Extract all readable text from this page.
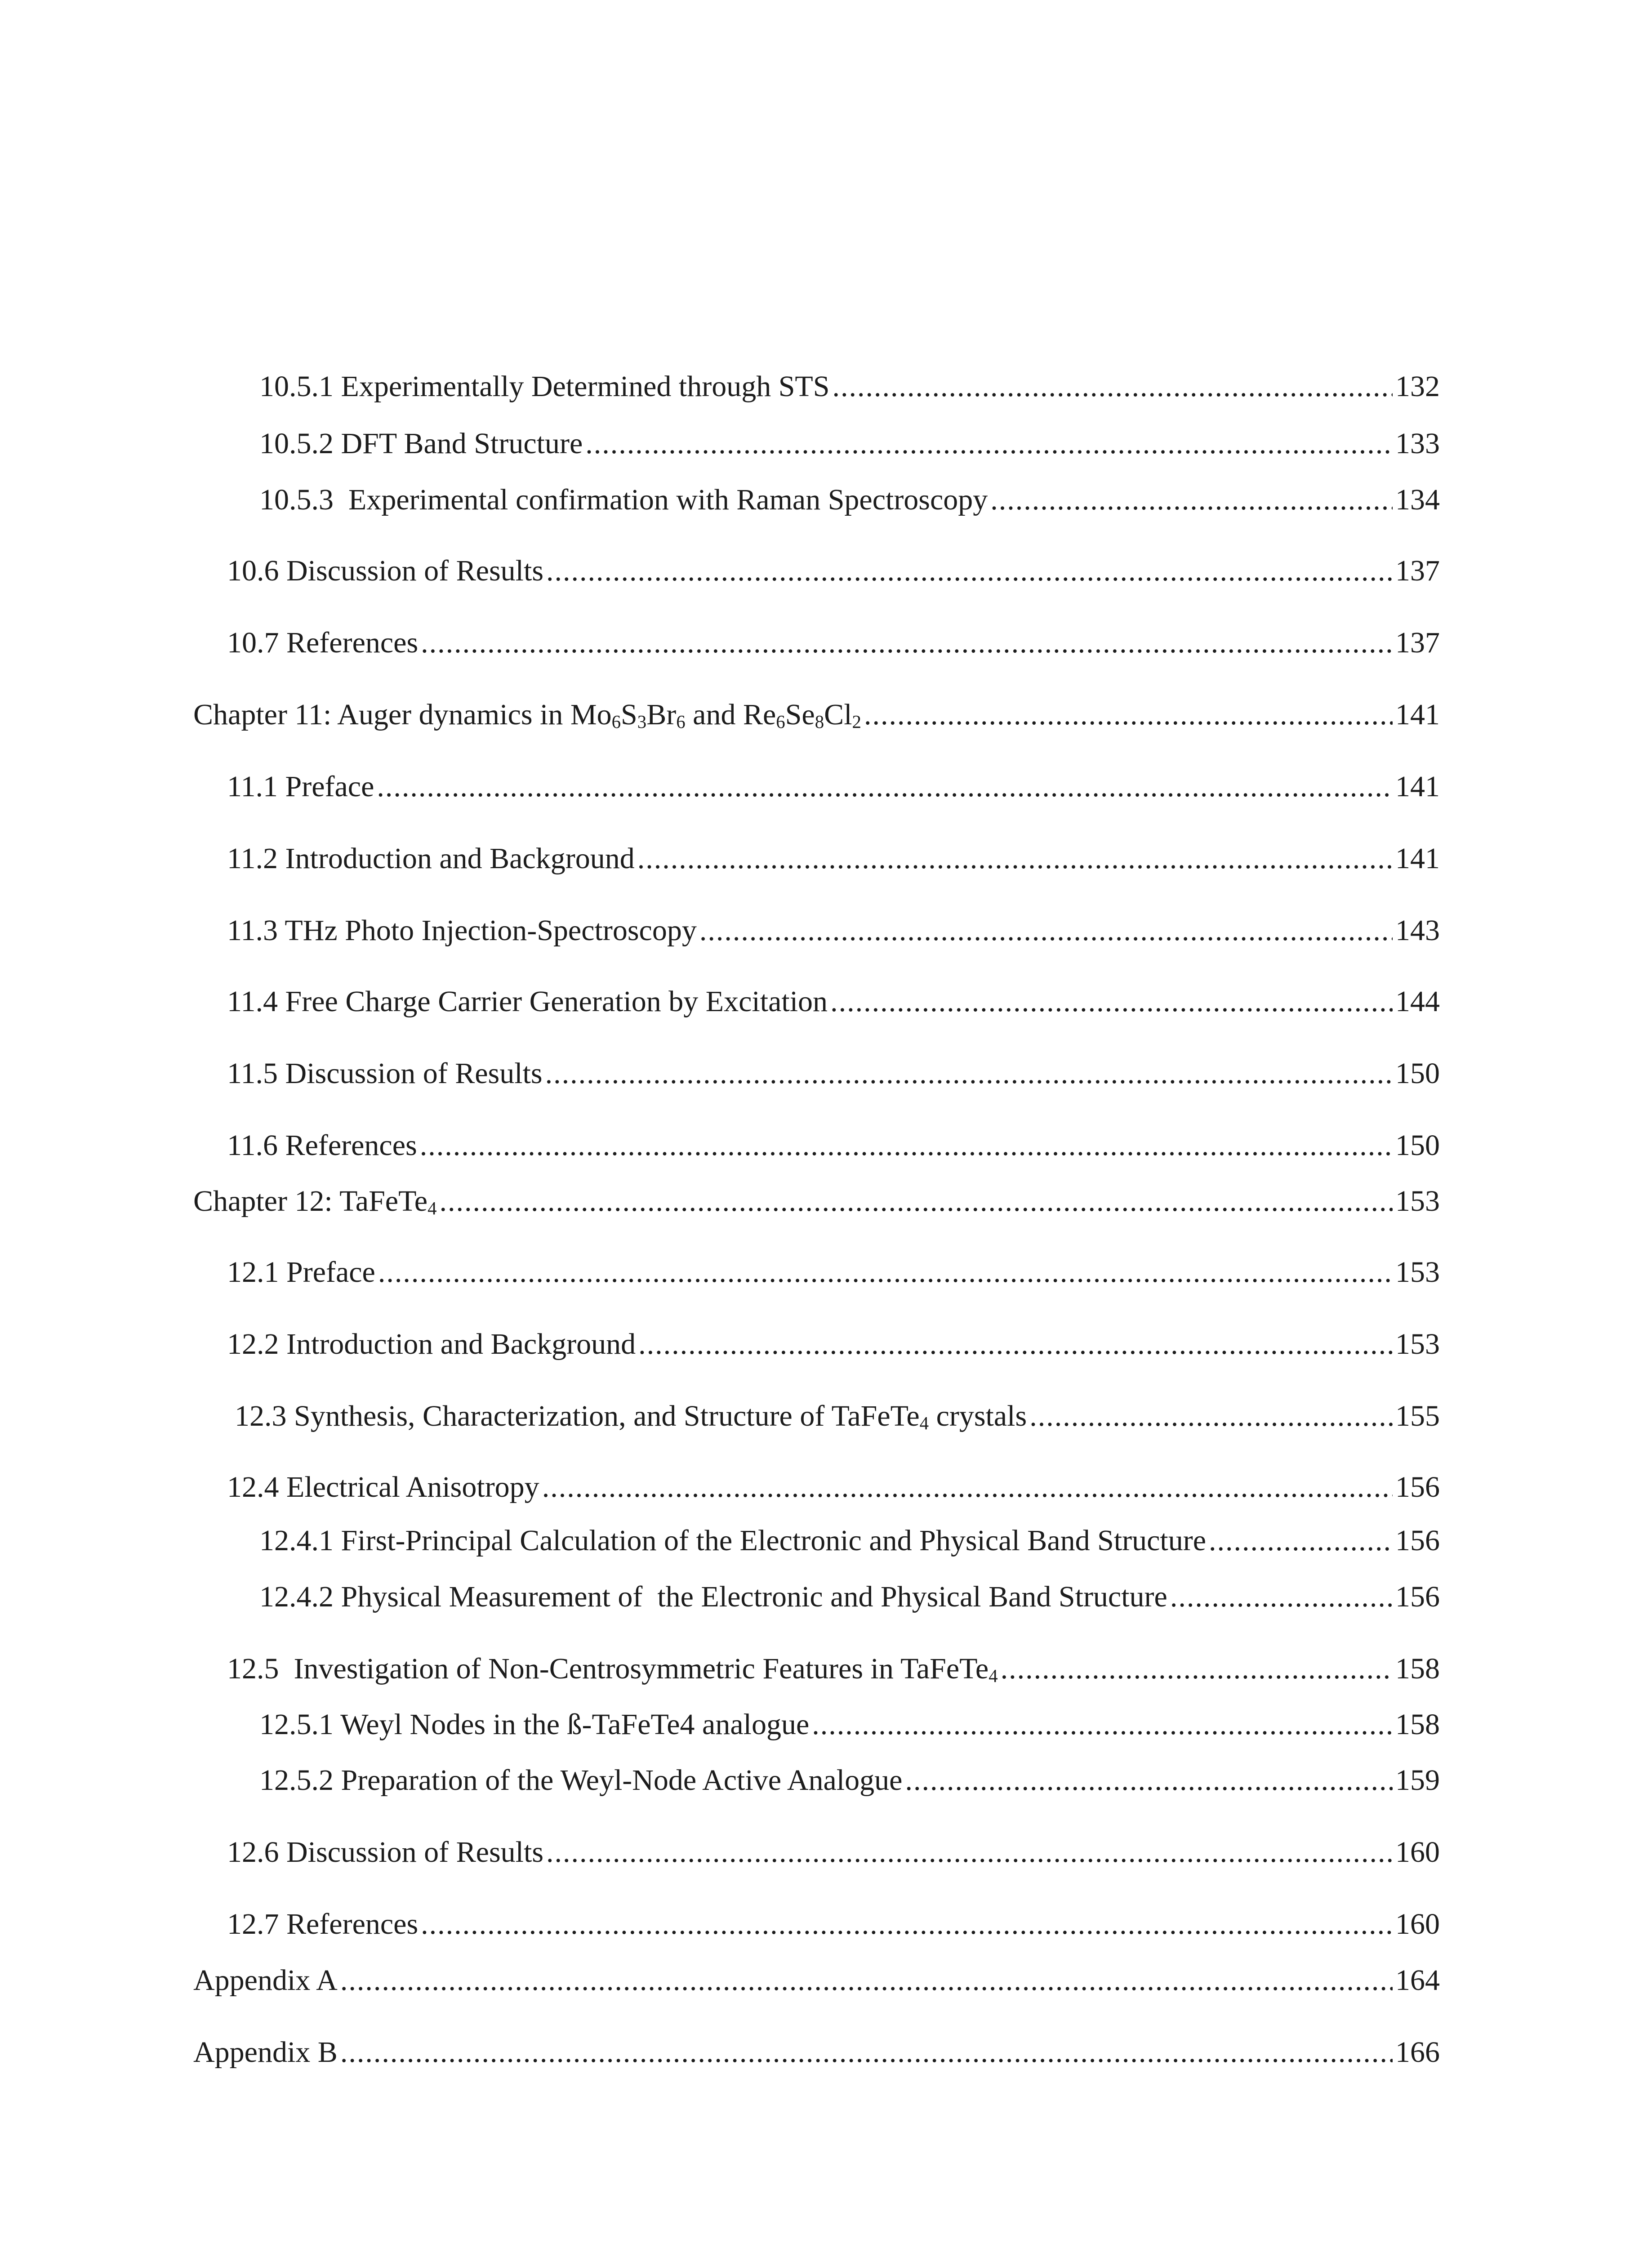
10.5.1 Experimentally Determined through STS .....	132
10.5.2 DFT Band Structure .....	133
10.5.3  Experimental confirmation with Raman Spectroscopy .....	134
10.6 Discussion of Results .....	137
10.7 References .....	137
Chapter 11: Auger dynamics in $Mo_6S_3Br_6$ and $Re_6Se_8Cl_2$ .....	141
11.1 Preface .....	141
11.2 Introduction and Background .....	141
11.3 THz Photo Injection-Spectroscopy .....	143
11.4 Free Charge Carrier Generation by Excitation .....	144
11.5 Discussion of Results .....	150
11.6 References .....	150
Chapter 12: TaFeTe$_4$ .....	153
12.1 Preface .....	153
12.2 Introduction and Background .....	153
12.3 Synthesis, Characterization, and Structure of TaFeTe$_4$ crystals .....	155
12.4 Electrical Anisotropy .....	156
12.4.1 First-Principal Calculation of the Electronic and Physical Band Structure .....	156
12.4.2 Physical Measurement of  the Electronic and Physical Band Structure .....	156
12.5  Investigation of Non-Centrosymmetric Features in TaFeTe$_4$ .....	158
12.5.1 Weyl Nodes in the ß-TaFeTe4 analogue .....	158
12.5.2 Preparation of the Weyl-Node Active Analogue .....	159
12.6 Discussion of Results .....	160
12.7 References .....	160
Appendix A .....	164
Appendix B .....	166
